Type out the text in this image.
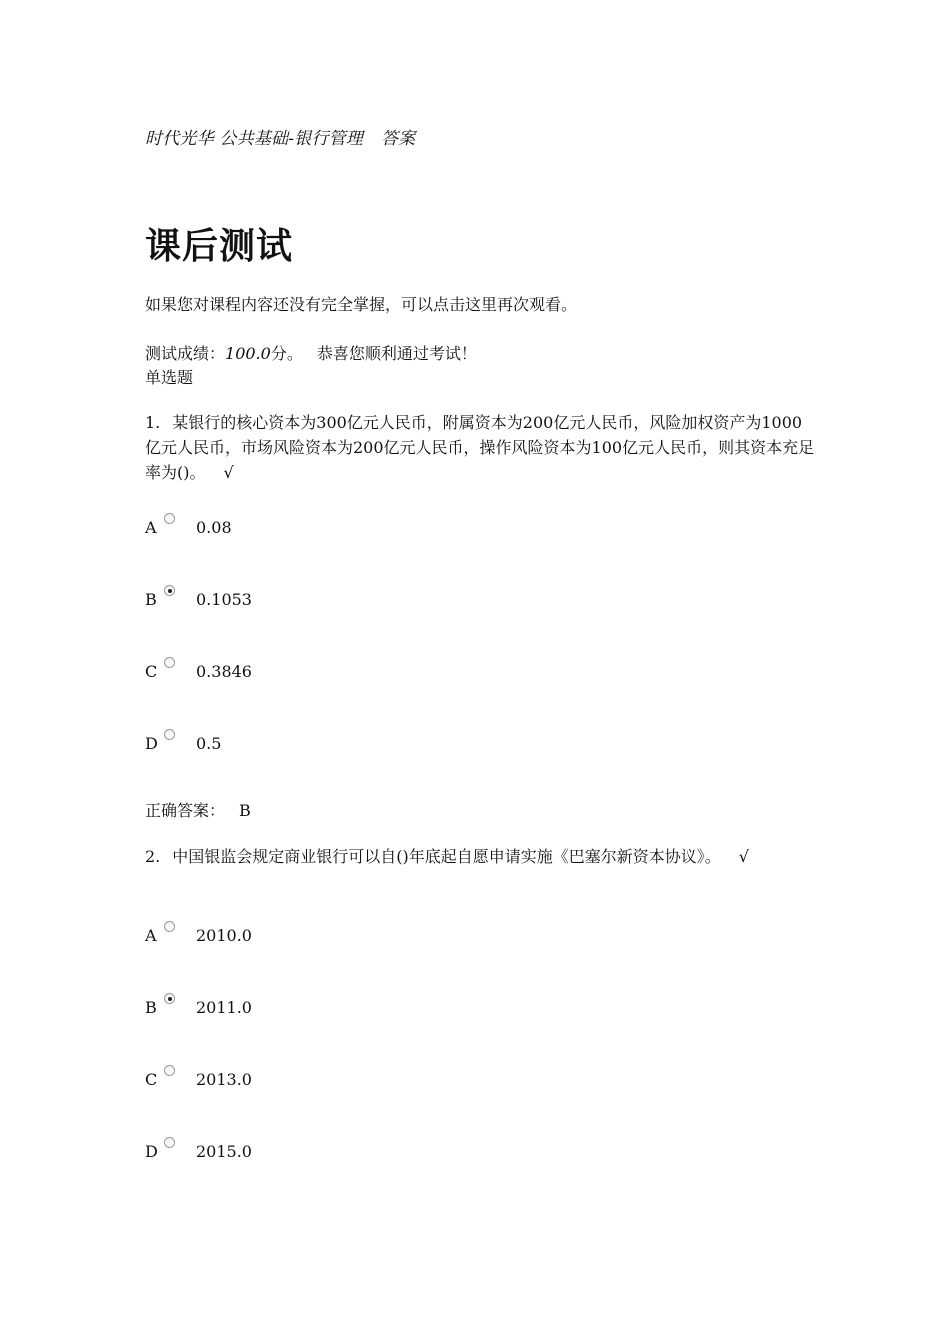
时代光华 公共基础-银行管理 答案
课后测试
如果您对课程内容还没有完全掌握，可以点击这里再次观看。
测试成绩：100.0分。 恭喜您顺利通过考试！
单选题
1. 某银行的核心资本为300亿元人民币，附属资本为200亿元人民币，风险加权资产为1000亿元人民币，市场风险资本为200亿元人民币，操作风险资本为100亿元人民币，则其资本充足率为()。 √
A 0.08
B 0.1053
C 0.3846
D 0.5
正确答案： B
2. 中国银监会规定商业银行可以自()年底起自愿申请实施《巴塞尔新资本协议》。 √
A 2010.0
B 2011.0
C 2013.0
D 2015.0
